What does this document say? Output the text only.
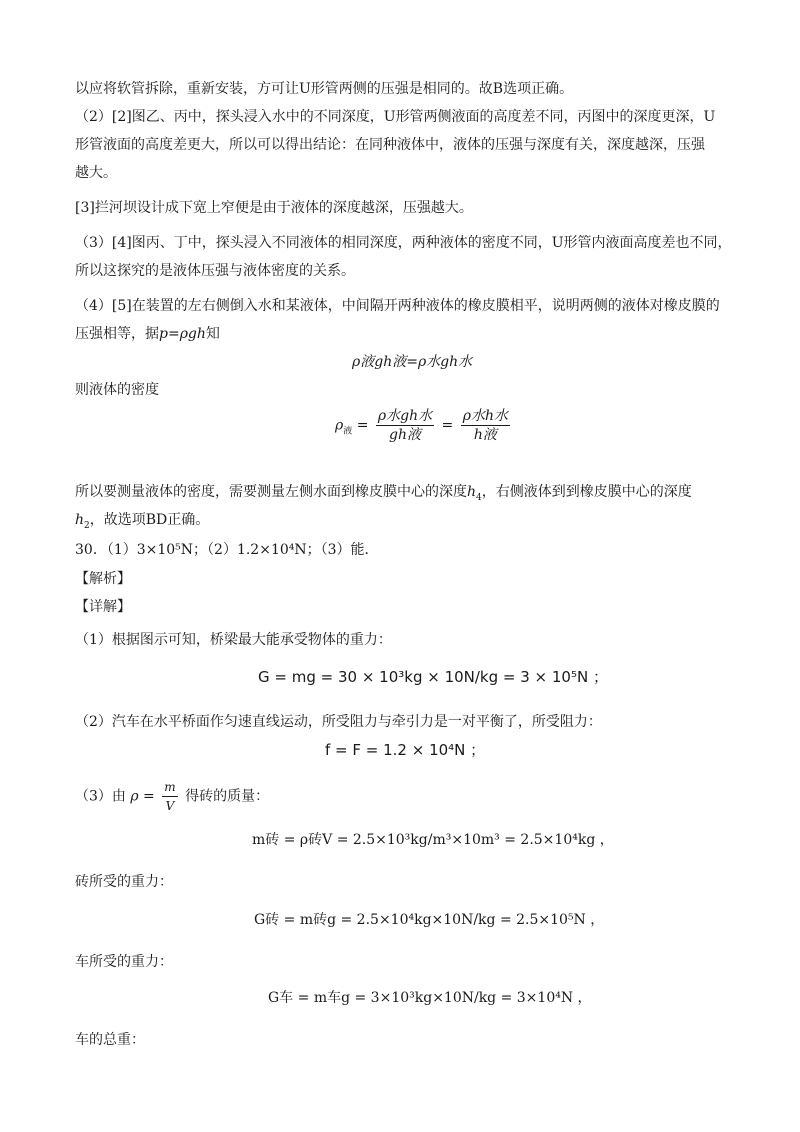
以应将软管拆除，重新安装，方可让U形管两侧的压强是相同的。故B选项正确。
（2）[2]图乙、丙中，探头浸入水中的不同深度，U形管两侧液面的高度差不同，丙图中的深度更深，U
形管液面的高度差更大，所以可以得出结论：在同种液体中，液体的压强与深度有关，深度越深，压强
越大。
[3]拦河坝设计成下宽上窄便是由于液体的深度越深，压强越大。
（3）[4]图丙、丁中，探头浸入不同液体的相同深度，两种液体的密度不同，U形管内液面高度差也不同，
所以这探究的是液体压强与液体密度的关系。
（4）[5]在装置的左右侧倒入水和某液体，中间隔开两种液体的橡皮膜相平，说明两侧的液体对橡皮膜的
压强相等，据p=ρgh知
ρ液gh液=ρ水gh水
则液体的密度
$\rho_液 = \frac{\text{ρ水gh水}}{\text{gh液}} = \frac{\text{ρ水h水}}{\text{h液}}$
所以要测量液体的密度，需要测量左侧水面到橡皮膜中心的深度$h_4$，右侧液体到到橡皮膜中心的深度
$h_2$，故选项BD正确。
30．（1）3×10⁵N；（2）1.2×10⁴N；（3）能．
【解析】
【详解】
（1）根据图示可知，桥梁最大能承受物体的重力：
G = mg = 30 × 10³kg × 10N/kg = 3 × 10⁵N ；
（2）汽车在水平桥面作匀速直线运动，所受阻力与牵引力是一对平衡了，所受阻力：
f = F = 1.2 × 10⁴N ；
（3）由 $\rho = \frac{m}{V}$ 得砖的质量：
m砖 = ρ砖V = 2.5×10³kg/m³×10m³ = 2.5×10⁴kg ，
砖所受的重力：
G砖 = m砖g = 2.5×10⁴kg×10N/kg = 2.5×10⁵N ，
车所受的重力：
G车 = m车g = 3×10³kg×10N/kg = 3×10⁴N ，
车的总重：
